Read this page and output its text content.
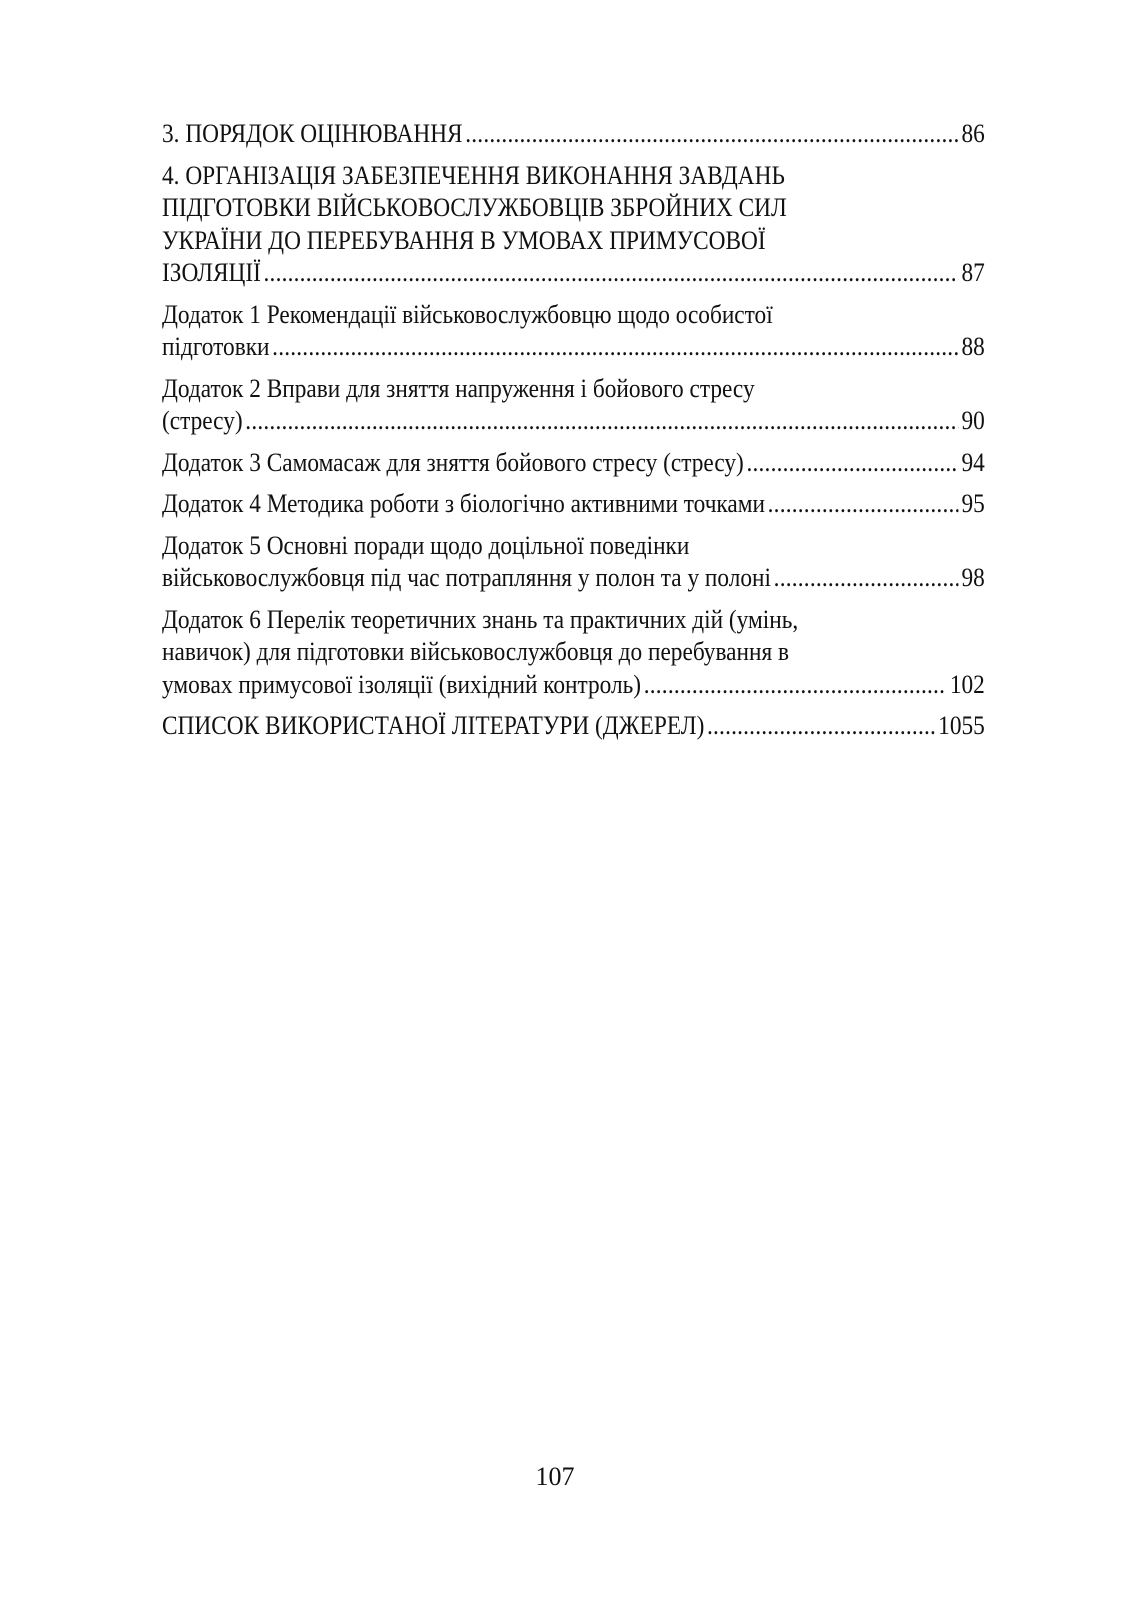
3. ПОРЯДОК ОЦІНЮВАННЯ . . .	86
4. ОРГАНІЗАЦІЯ ЗАБЕЗПЕЧЕННЯ ВИКОНАННЯ ЗАВДАНЬ
ПІДГОТОВКИ ВІЙСЬКОВОСЛУЖБОВЦІВ ЗБРОЙНИХ СИЛ
УКРАЇНИ ДО ПЕРЕБУВАННЯ В УМОВАХ ПРИМУСОВОЇ
ІЗОЛЯЦІЇ . . .	87
Додаток 1 Рекомендації військовослужбовцю щодо особистої
підготовки . . .	88
Додаток 2 Вправи для зняття напруження і бойового стресу
(стресу) . . .	90
Додаток 3 Самомасаж для зняття бойового стресу (стресу) . . .	94
Додаток 4 Методика роботи з біологічно активними точками . . .	95
Додаток 5 Основні поради щодо доцільної поведінки
військовослужбовця під час потрапляння у полон та у полоні . . .	98
Додаток 6 Перелік теоретичних знань та практичних дій (умінь,
навичок) для підготовки військовослужбовця до перебування в
умовах примусової ізоляції (вихідний контроль) . . .	102
СПИСОК ВИКОРИСТАНОЇ ЛІТЕРАТУРИ (ДЖЕРЕЛ) . . .	1055
107
